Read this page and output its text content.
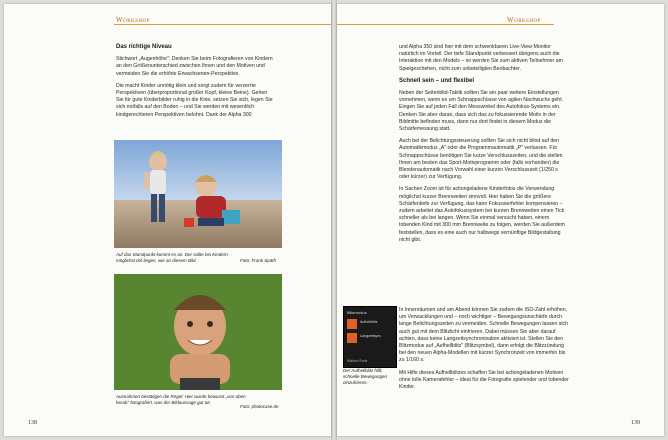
Workshop
Das richtige Niveau

Stichwort „Augenhöhe": Denken Sie beim Fotografieren von Kindern an den Größenunterschied zwischen Ihnen und den Motiven und vermeiden Sie die erhöhte Erwachsenen-Perspektive.

Die macht Kinder unnötig klein und sorgt zudem für verzerrte Perspektiven (überproportional großer Kopf, kleine Beine). Gehen Sie für gute Kinderbilder ruhig in die Knie, setzen Sie sich, legen Sie sich notfalls auf den Boden – und Sie werden mit wesentlich kindgerechteren Perspektiven belohnt. Dank der Alpha 300

Auf das Standpunkt kommt es an. Der sollte bei Kindern möglichst tief liegen, wie an diesem Bild.	Foto: Frank Späth
Ausnahmen bestätigen die Regel: Hier wurde bewusst „von oben herab" fotografiert, was der Bildaussage gut tut.
Foto: photocase.de
138
Workshop

und Alpha 350 sind hier mit dem schwenkbaren Live-View-Monitor natürlich im Vorteil. Der tiefe Standpunkt verbessert übrigens auch die Interaktion mit den Models – so werden Sie zum aktiven Teilnehmer am Spielgeschehen, nicht zum unbeteiligten Beobachter.

Schnell sein – und flexibel

Neben der Seitenblid-Taktik sollten Sie ein paar weitere Einstellungen vornehmen, wenn es um Schnappschüsse von agilen Nachwuchs geht. Eingen Sie auf jeden Fall den Messwinkel des Autofokus-Systems ein. Denken Sie aber daran, dass sich das zu fokussierende Motiv in der Bildmitte befinden muss, dann nur dort findet in diesem Modus die Schärfemessung statt.

Auch bei der Belichtungssteuerung sollten Sie sich nicht blind auf den Automatikmodus „A" oder die Programmautomatik „P" verlassen. Für Schnappschüsse benötigen Sie kurze Verschlusszeiten, und die stellen Ihnen am besten das Sport-Motivprogramm oder (falls vorhanden) die Blendenautomatik nach Vorwahl einer kurzen Verschlusszeit (1/250 s oder kürzer) zur Verfügung.

In Sachen Zoom ist für actiongeladene Kinderfotos die Verwendung möglichst kurzer Brennweiten sinnvoll. Hier haben Sie die größere Schärfentiefe zur Verfügung, das kann Fokussierfehler kompensieren – zudem arbeitet das Autofokussystem bei kurzen Brennweiten einen Tick schneller als bei langen. Wenn Sie einmal versucht haben, einem tobenden Kind mit 300 mm Brennweite zu folgen, werden Sie außerdem feststellen, dass es eine auch nur halbwegs vernünftige Bildgestaltung nicht gibt.

Blitzmodus
Aufhellblitz
Langzeitsync.
Wählen Ende
Der Aufhellblitz hilft, schnelle Bewegungen einzufrieren.

In Innenräumen und am Abend können Sie zudem die ISO-Zahl erhöhen, um Verwacklungen und – noch wichtiger – Bewegungsunschärfe durch lange Belichtungszeiten zu vermeiden. Schnelle Bewegungen lassen sich auch gut mit dem Blitzlicht einfrieren. Dabei müssen Sie aber darauf achten, dass keine Langzeitsynchronisation aktiviert ist. Stellen Sie den Blitzmodus auf „Aufhellblitz" (Blitzsymbol), dann erfolgt die Blitzzündung bei den neuen Alpha-Modellen mit kurzer Synchronzeit von immerhin bis zu 1/160 s.

Mit Hilfe dieses Aufhellblitzes schaffen Sie bei actiongeladenen Motiven ohne tolle Kamerafehler – ideal für die Fotografie spielender und tobender Kinder.

139
